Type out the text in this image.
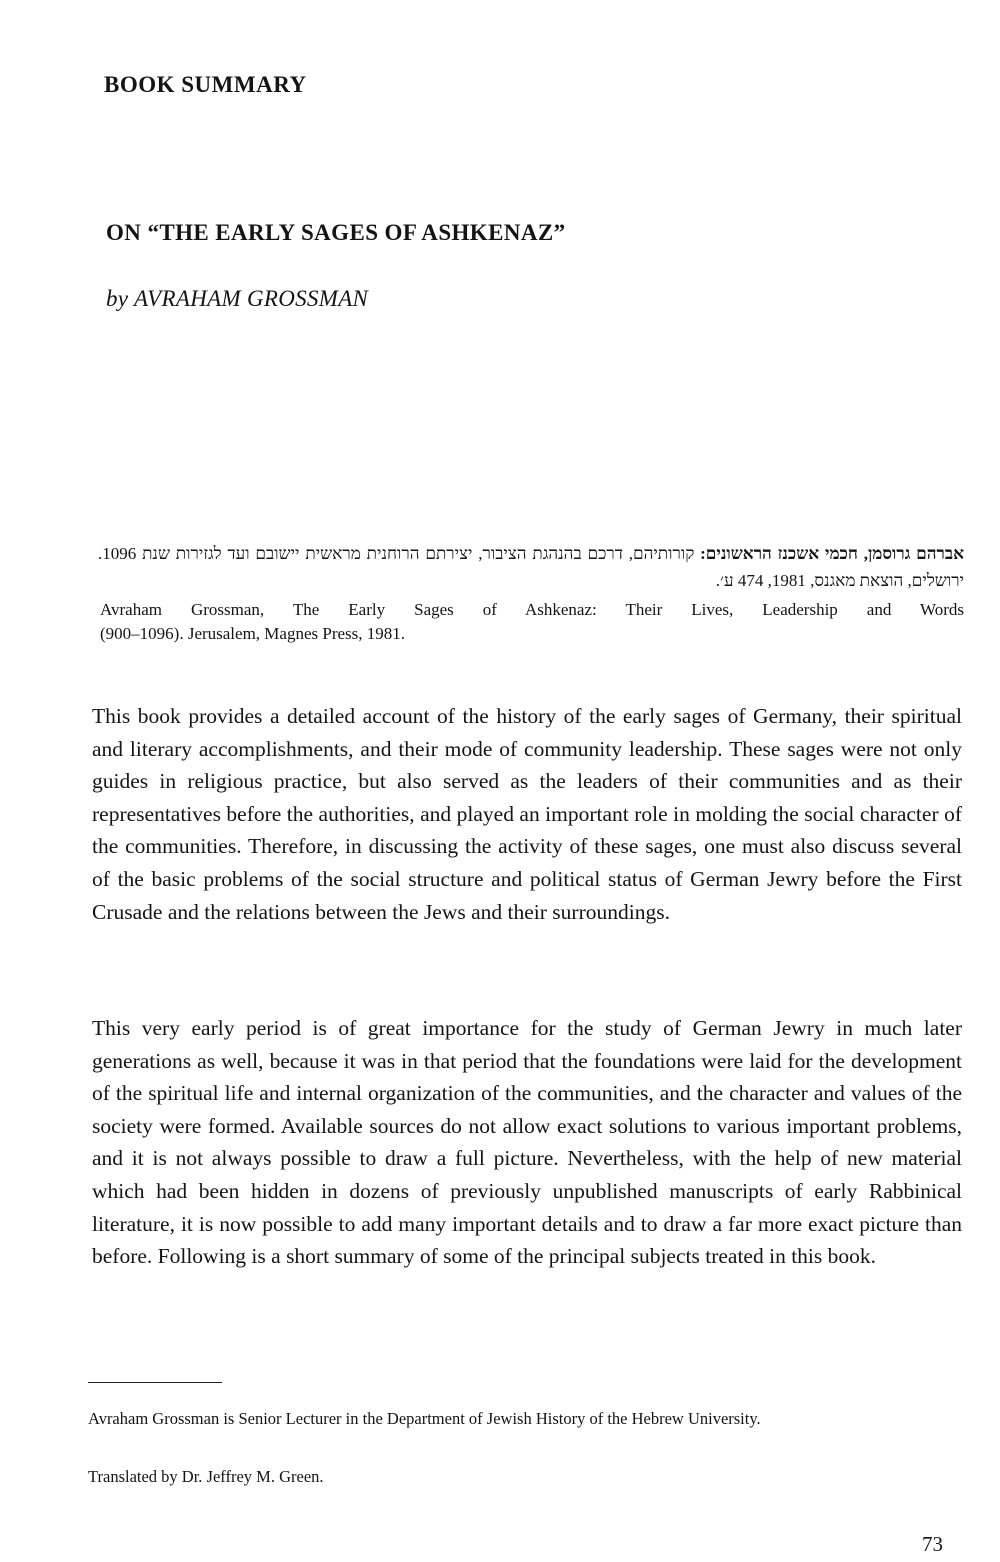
BOOK SUMMARY
ON “THE EARLY SAGES OF ASHKENAZ”

by AVRAHAM GROSSMAN

אברהם גרוסמן, חכמי אשכנז הראשונים: קורותיהם, דרכם בהנהגת הציבור, יצירתם הרוחנית מראשית יישובם ועד לגזירות שנת 1096. ירושלים, הוצאת מאגנס, 1981, 474 ע׳.

Avraham Grossman, The Early Sages of Ashkenaz: Their Lives, Leadership and Words
(900–1096). Jerusalem, Magnes Press, 1981.

This book provides a detailed account of the history of the early sages of Germany, their spiritual and literary accomplishments, and their mode of community leadership. These sages were not only guides in religious practice, but also served as the leaders of their communities and as their representatives before the authorities, and played an important role in molding the social character of the communities. Therefore, in discussing the activity of these sages, one must also discuss several of the basic problems of the social structure and political status of German Jewry before the First Crusade and the relations between the Jews and their surroundings.

This very early period is of great importance for the study of German Jewry in much later generations as well, because it was in that period that the foundations were laid for the development of the spiritual life and internal organization of the communities, and the character and values of the society were formed. Available sources do not allow exact solutions to various important problems, and it is not always possible to draw a full picture. Nevertheless, with the help of new material which had been hidden in dozens of previously unpublished manuscripts of early Rabbinical literature, it is now possible to add many important details and to draw a far more exact picture than before. Following is a short summary of some of the principal subjects treated in this book.

Avraham Grossman is Senior Lecturer in the Department of Jewish History of the Hebrew University.

Translated by Dr. Jeffrey M. Green.

73
